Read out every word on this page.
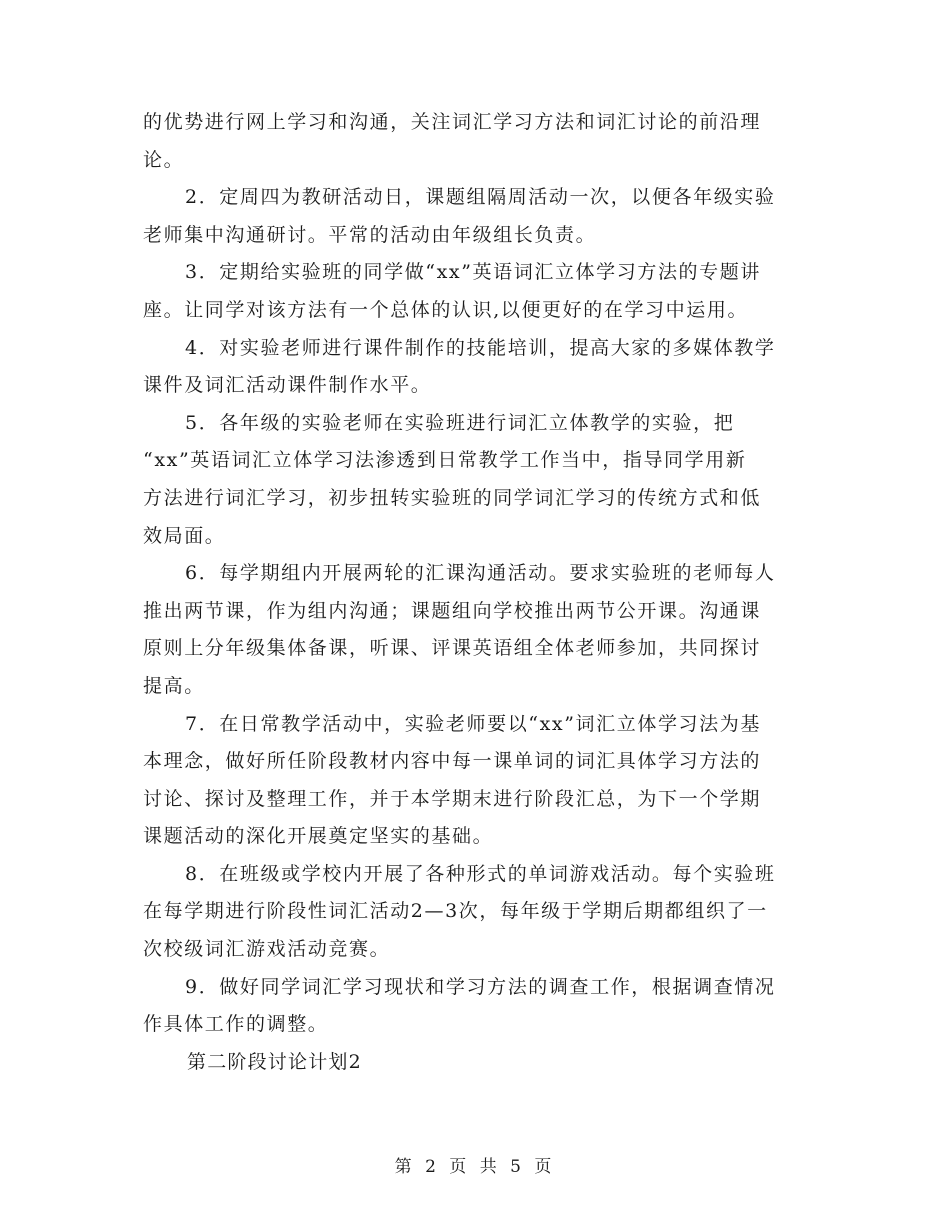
的优势进行网上学习和沟通，关注词汇学习方法和词汇讨论的前沿理
论。

2．定周四为教研活动日，课题组隔周活动一次，以便各年级实验
老师集中沟通研讨。平常的活动由年级组长负责。

3．定期给实验班的同学做“xx”英语词汇立体学习方法的专题讲
座。让同学对该方法有一个总体的认识,以便更好的在学习中运用。

4．对实验老师进行课件制作的技能培训，提高大家的多媒体教学
课件及词汇活动课件制作水平。

5．各年级的实验老师在实验班进行词汇立体教学的实验，把
“xx”英语词汇立体学习法渗透到日常教学工作当中，指导同学用新
方法进行词汇学习，初步扭转实验班的同学词汇学习的传统方式和低
效局面。

6．每学期组内开展两轮的汇课沟通活动。要求实验班的老师每人
推出两节课，作为组内沟通；课题组向学校推出两节公开课。沟通课
原则上分年级集体备课，听课、评课英语组全体老师参加，共同探讨
提高。

7．在日常教学活动中，实验老师要以“xx”词汇立体学习法为基
本理念，做好所任阶段教材内容中每一课单词的词汇具体学习方法的
讨论、探讨及整理工作，并于本学期末进行阶段汇总，为下一个学期
课题活动的深化开展奠定坚实的基础。

8．在班级或学校内开展了各种形式的单词游戏活动。每个实验班
在每学期进行阶段性词汇活动2—3次，每年级于学期后期都组织了一
次校级词汇游戏活动竞赛。

9．做好同学词汇学习现状和学习方法的调查工作，根据调查情况
作具体工作的调整。

第二阶段讨论计划2

第 2 页 共 5 页
